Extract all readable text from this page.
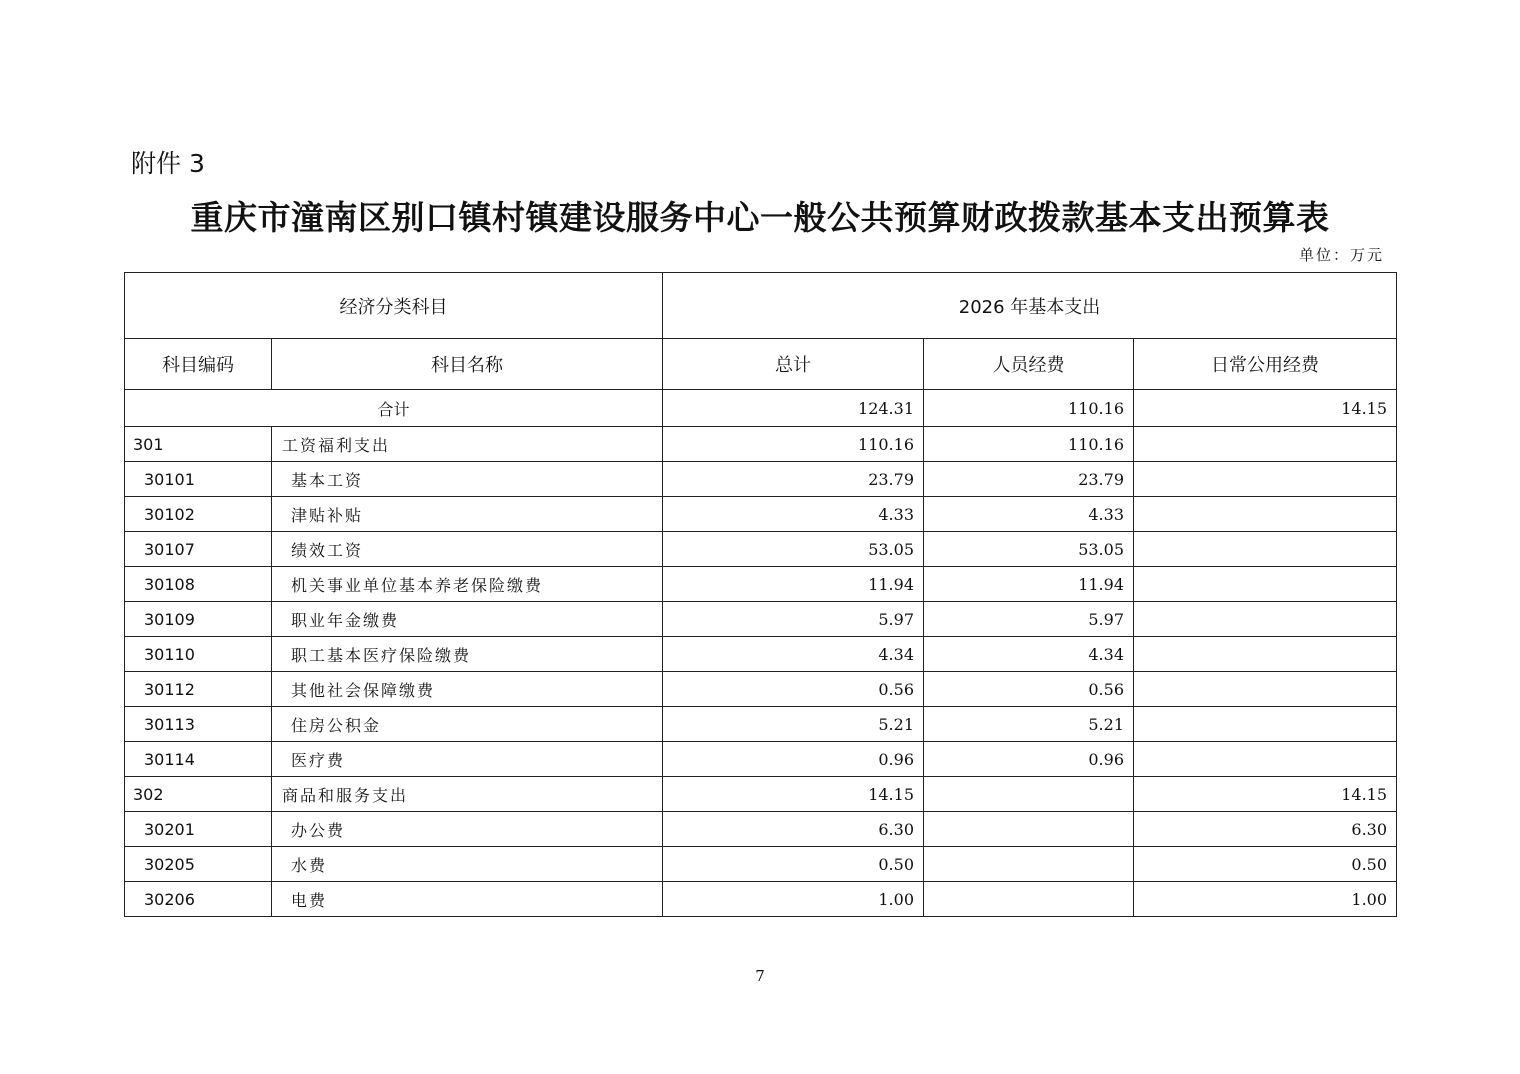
附件 3
重庆市潼南区别口镇村镇建设服务中心一般公共预算财政拨款基本支出预算表
单位：万元
经济分类科目		2026 年基本支出		
科目编码	科目名称	总计	人员经费	日常公用经费
合计		124.31	110.16	14.15
301	工资福利支出	110.16	110.16	
30101	基本工资	23.79	23.79	
30102	津贴补贴	4.33	4.33	
30107	绩效工资	53.05	53.05	
30108	机关事业单位基本养老保险缴费	11.94	11.94	
30109	职业年金缴费	5.97	5.97	
30110	职工基本医疗保险缴费	4.34	4.34	
30112	其他社会保障缴费	0.56	0.56	
30113	住房公积金	5.21	5.21	
30114	医疗费	0.96	0.96	
302	商品和服务支出	14.15		14.15
30201	办公费	6.30		6.30
30205	水费	0.50		0.50
30206	电费	1.00		1.00
7
